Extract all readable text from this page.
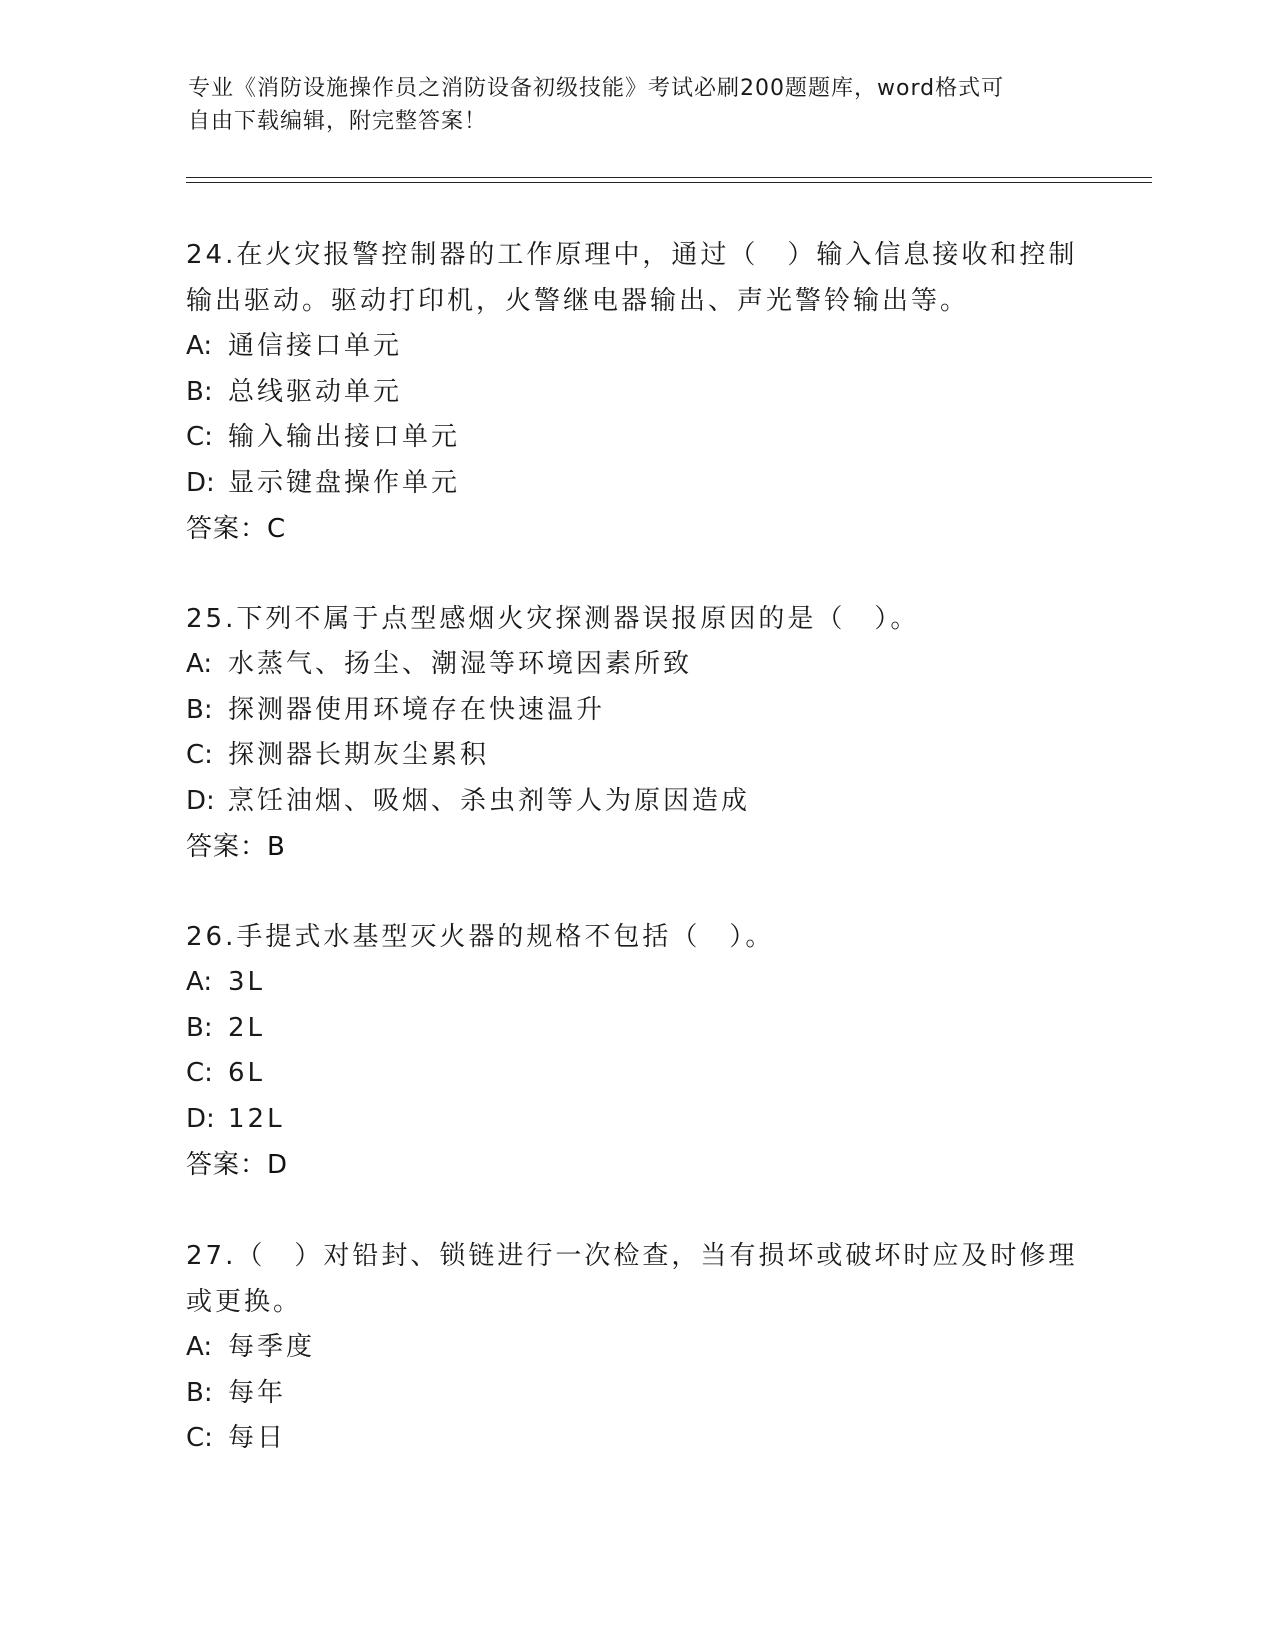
专业《消防设施操作员之消防设备初级技能》考试必刷200题题库，word格式可
自由下载编辑，附完整答案！

24.在火灾报警控制器的工作原理中，通过（　）输入信息接收和控制

输出驱动。驱动打印机，火警继电器输出、声光警铃输出等。

A: 通信接口单元

B: 总线驱动单元

C: 输入输出接口单元

D: 显示键盘操作单元

答案：C

25.下列不属于点型感烟火灾探测器误报原因的是（　）。

A: 水蒸气、扬尘、潮湿等环境因素所致

B: 探测器使用环境存在快速温升

C: 探测器长期灰尘累积

D: 烹饪油烟、吸烟、杀虫剂等人为原因造成

答案：B

26.手提式水基型灭火器的规格不包括（　）。

A: 3L

B: 2L

C: 6L

D: 12L

答案：D

27.（　）对铅封、锁链进行一次检查，当有损坏或破坏时应及时修理

或更换。

A: 每季度

B: 每年

C: 每日
